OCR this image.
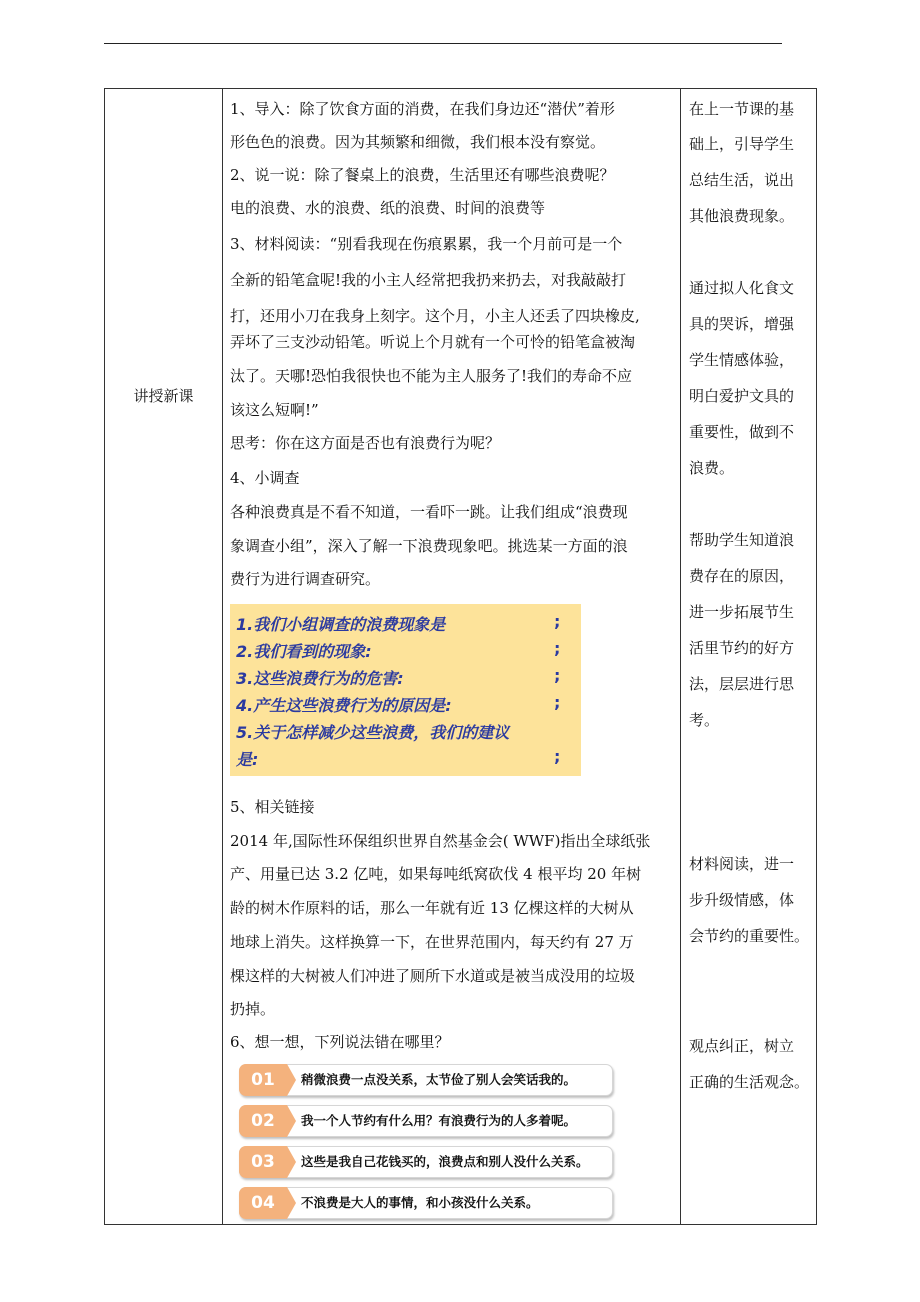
讲授新课
1、导入：除了饮食方面的消费，在我们身边还“潜伏”着形
形色色的浪费。因为其频繁和细微，我们根本没有察觉。
2、说一说：除了餐桌上的浪费，生活里还有哪些浪费呢？
电的浪费、水的浪费、纸的浪费、时间的浪费等
3、材料阅读：“别看我现在伤痕累累，我一个月前可是一个
全新的铅笔盒呢!我的小主人经常把我扔来扔去，对我敲敲打
打，还用小刀在我身上刻字。这个月，小主人还丢了四块橡皮,
弄坏了三支沙动铅笔。听说上个月就有一个可怜的铅笔盒被淘
汰了。天哪!恐怕我很快也不能为主人服务了!我们的寿命不应
该这么短啊!”
思考：你在这方面是否也有浪费行为呢？
4、小调查
各种浪费真是不看不知道，一看吓一跳。让我们组成“浪费现
象调查小组”，深入了解一下浪费现象吧。挑选某一方面的浪
费行为进行调查研究。
1.我们小组调查的浪费现象是	;
2.我们看到的现象:	;
3.这些浪费行为的危害:	;
4.产生这些浪费行为的原因是:	;
5.关于怎样减少这些浪费，我们的建议
是:	;
5、相关链接
2014 年,国际性环保组织世界自然基金会( WWF)指出全球纸张
产、用量已达 3.2 亿吨，如果每吨纸窝砍伐 4 根平均 20 年树
龄的树木作原料的话，那么一年就有近 13 亿棵这样的大树从
地球上消失。这样换算一下，在世界范围内，每天约有 27 万
棵这样的大树被人们冲进了厕所下水道或是被当成没用的垃圾
扔掉。
6、想一想，下列说法错在哪里？
01	稍微浪费一点没关系，太节俭了别人会笑话我的。
02	我一个人节约有什么用？有浪费行为的人多着呢。
03	这些是我自己花钱买的，浪费点和别人没什么关系。
04	不浪费是大人的事情，和小孩没什么关系。
在上一节课的基
础上，引导学生
总结生活，说出
其他浪费现象。
通过拟人化食文
具的哭诉，增强
学生情感体验，
明白爱护文具的
重要性，做到不
浪费。
帮助学生知道浪
费存在的原因，
进一步拓展节生
活里节约的好方
法，层层进行思
考。
材料阅读，进一
步升级情感，体
会节约的重要性。
观点纠正，树立
正确的生活观念。
